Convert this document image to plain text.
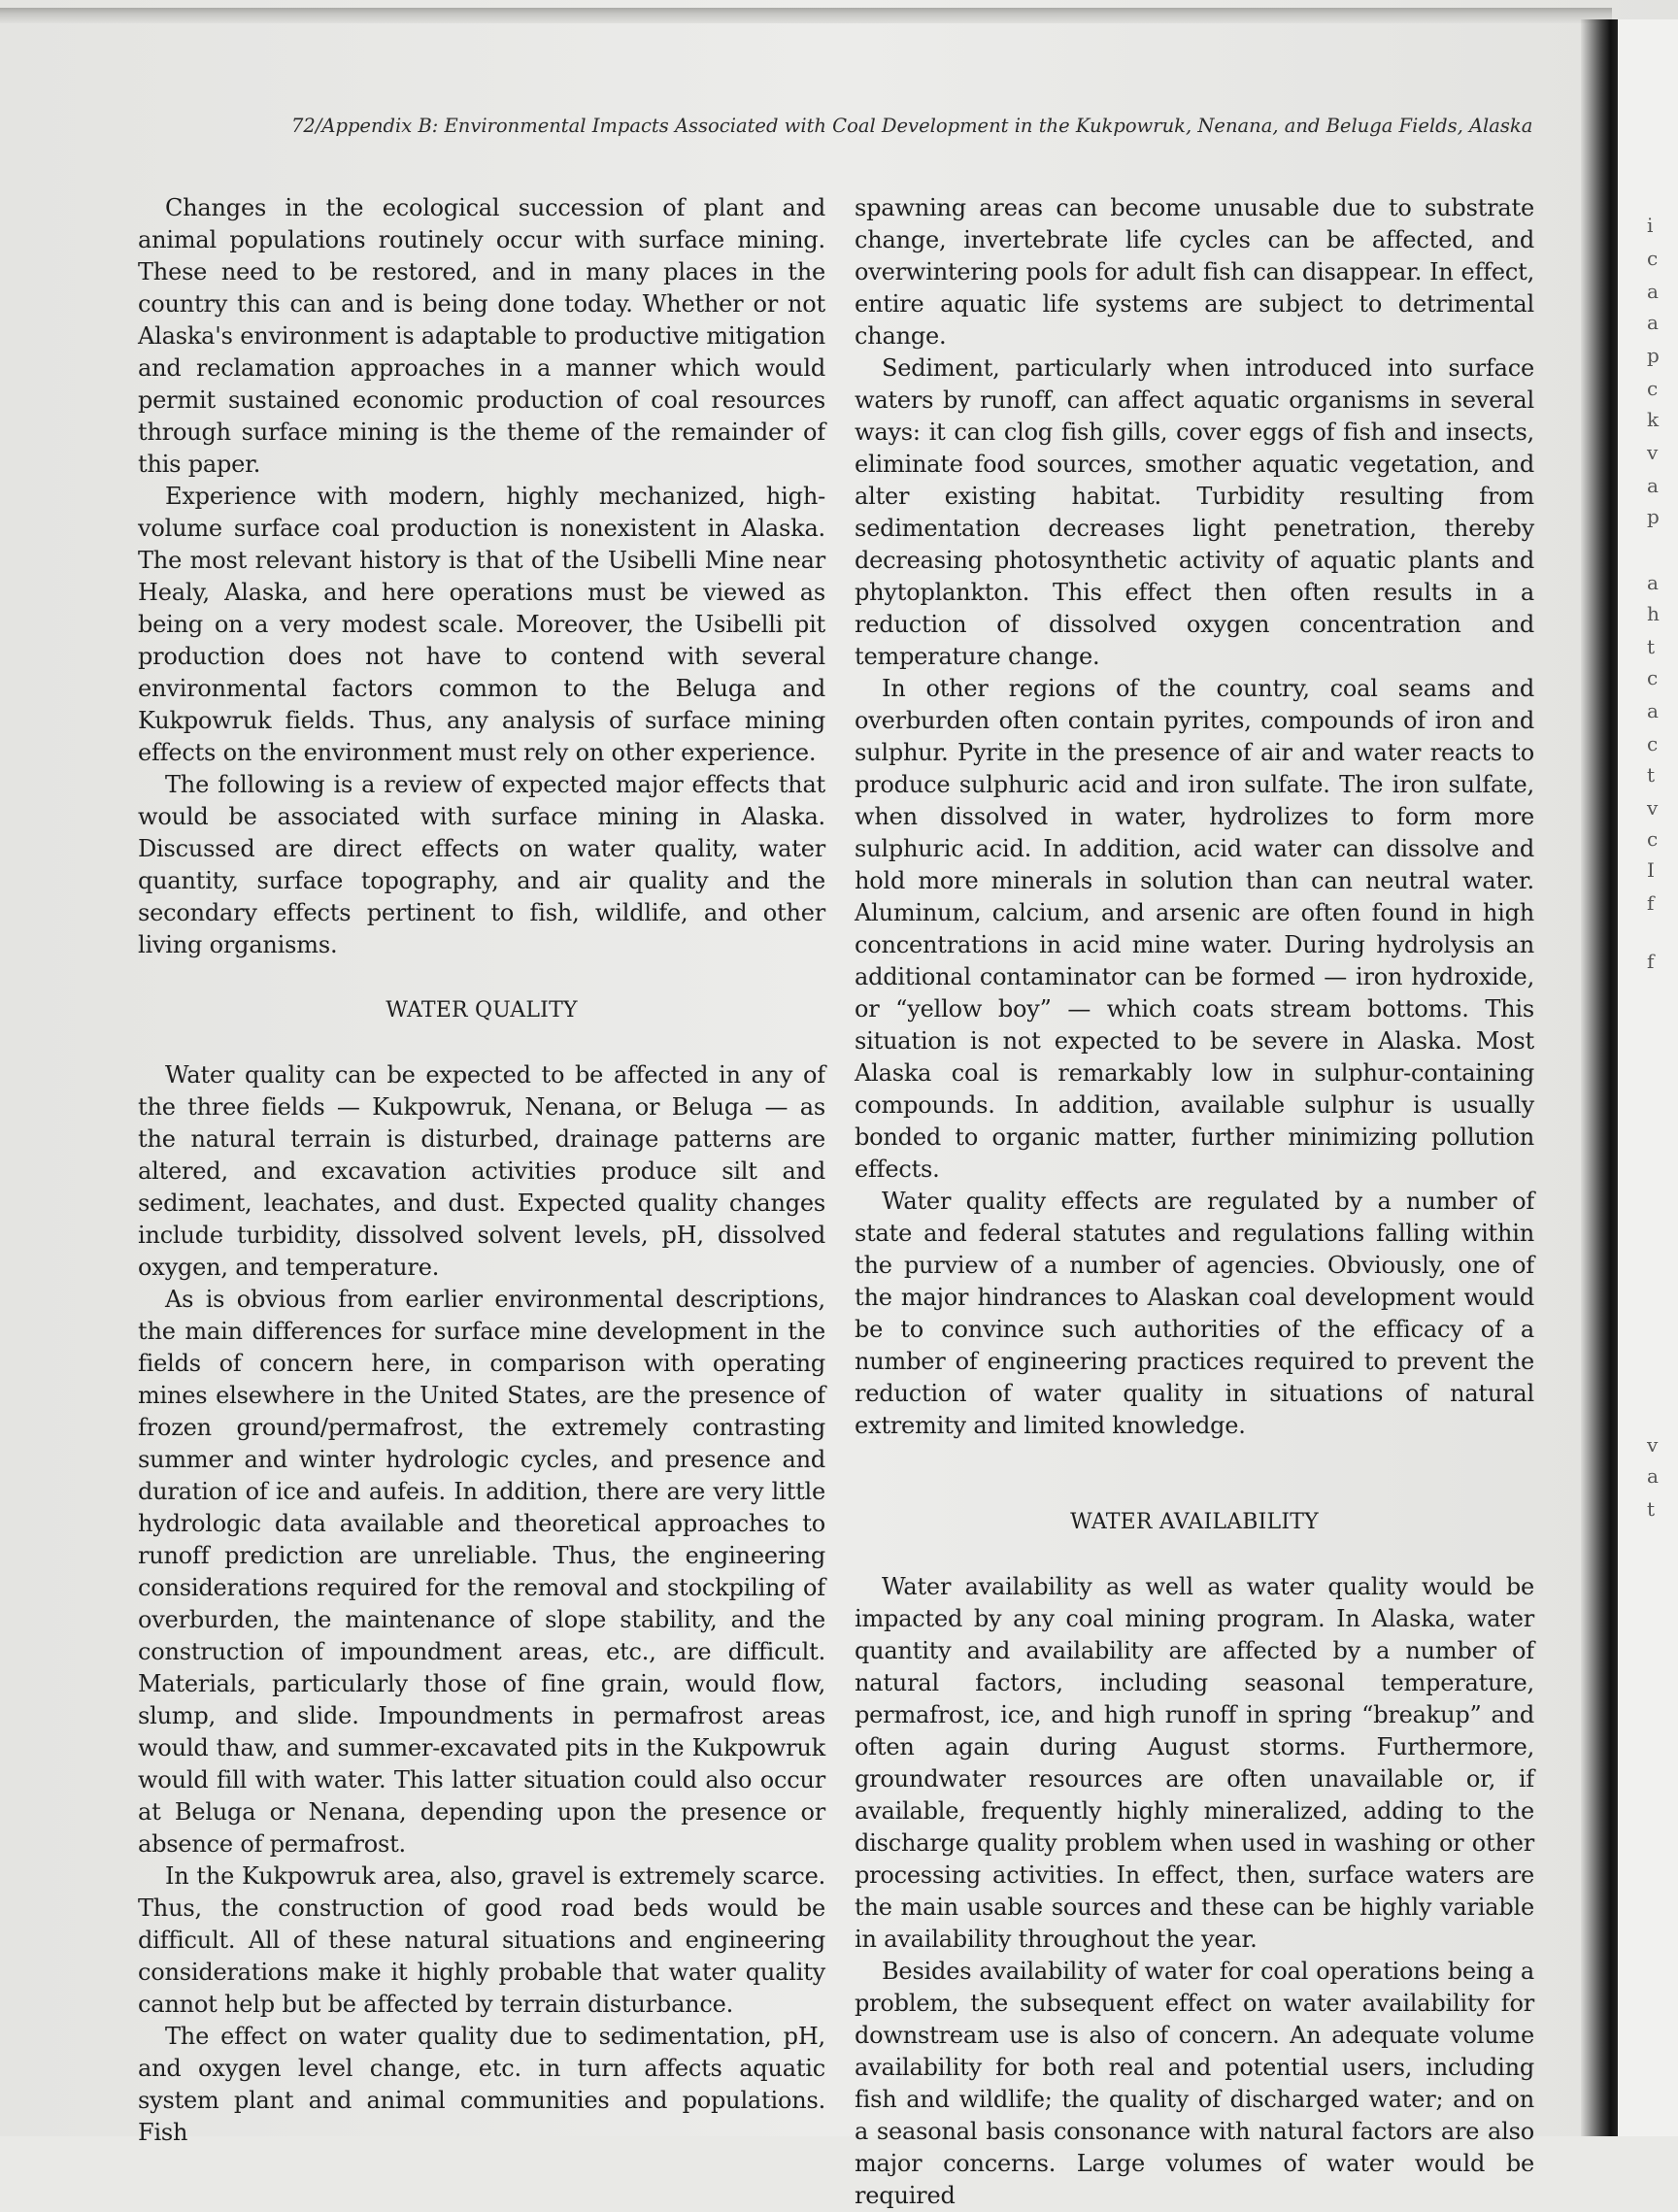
72/Appendix B: Environmental Impacts Associated with Coal Development in the Kukpowruk, Nenana, and Beluga Fields, Alaska

Changes in the ecological succession of plant and animal populations routinely occur with surface mining. These need to be restored, and in many places in the country this can and is being done today. Whether or not Alaska's environment is adaptable to productive mitigation and reclamation approaches in a manner which would permit sustained economic production of coal resources through surface mining is the theme of the remainder of this paper.

Experience with modern, highly mechanized, high-volume surface coal production is nonexistent in Alaska. The most relevant history is that of the Usibelli Mine near Healy, Alaska, and here operations must be viewed as being on a very modest scale. Moreover, the Usibelli pit production does not have to contend with several environmental factors common to the Beluga and Kukpowruk fields. Thus, any analysis of surface mining effects on the environment must rely on other experience.

The following is a review of expected major effects that would be associated with surface mining in Alaska. Discussed are direct effects on water quality, water quantity, surface topography, and air quality and the secondary effects pertinent to fish, wildlife, and other living organisms.

WATER QUALITY

Water quality can be expected to be affected in any of the three fields — Kukpowruk, Nenana, or Beluga — as the natural terrain is disturbed, drainage patterns are altered, and excavation activities produce silt and sediment, leachates, and dust. Expected quality changes include turbidity, dissolved solvent levels, pH, dissolved oxygen, and temperature.

As is obvious from earlier environmental descriptions, the main differences for surface mine development in the fields of concern here, in comparison with operating mines elsewhere in the United States, are the presence of frozen ground/permafrost, the extremely contrasting summer and winter hydrologic cycles, and presence and duration of ice and aufeis. In addition, there are very little hydrologic data available and theoretical approaches to runoff prediction are unreliable. Thus, the engineering considerations required for the removal and stockpiling of overburden, the maintenance of slope stability, and the construction of impoundment areas, etc., are difficult. Materials, particularly those of fine grain, would flow, slump, and slide. Impoundments in permafrost areas would thaw, and summer-excavated pits in the Kukpowruk would fill with water. This latter situation could also occur at Beluga or Nenana, depending upon the presence or absence of permafrost.

In the Kukpowruk area, also, gravel is extremely scarce. Thus, the construction of good road beds would be difficult. All of these natural situations and engineering considerations make it highly probable that water quality cannot help but be affected by terrain disturbance.

The effect on water quality due to sedimentation, pH, and oxygen level change, etc. in turn affects aquatic system plant and animal communities and populations. Fish

spawning areas can become unusable due to substrate change, invertebrate life cycles can be affected, and overwintering pools for adult fish can disappear. In effect, entire aquatic life systems are subject to detrimental change.

Sediment, particularly when introduced into surface waters by runoff, can affect aquatic organisms in several ways: it can clog fish gills, cover eggs of fish and insects, eliminate food sources, smother aquatic vegetation, and alter existing habitat. Turbidity resulting from sedimentation decreases light penetration, thereby decreasing photosynthetic activity of aquatic plants and phytoplankton. This effect then often results in a reduction of dissolved oxygen concentration and temperature change.

In other regions of the country, coal seams and overburden often contain pyrites, compounds of iron and sulphur. Pyrite in the presence of air and water reacts to produce sulphuric acid and iron sulfate. The iron sulfate, when dissolved in water, hydrolizes to form more sulphuric acid. In addition, acid water can dissolve and hold more minerals in solution than can neutral water. Aluminum, calcium, and arsenic are often found in high concentrations in acid mine water. During hydrolysis an additional contaminator can be formed — iron hydroxide, or “yellow boy” — which coats stream bottoms. This situation is not expected to be severe in Alaska. Most Alaska coal is remarkably low in sulphur-containing compounds. In addition, available sulphur is usually bonded to organic matter, further minimizing pollution effects.

Water quality effects are regulated by a number of state and federal statutes and regulations falling within the purview of a number of agencies. Obviously, one of the major hindrances to Alaskan coal development would be to convince such authorities of the efficacy of a number of engineering practices required to prevent the reduction of water quality in situations of natural extremity and limited knowledge.

WATER AVAILABILITY

Water availability as well as water quality would be impacted by any coal mining program. In Alaska, water quantity and availability are affected by a number of natural factors, including seasonal temperature, permafrost, ice, and high runoff in spring “breakup” and often again during August storms. Furthermore, groundwater resources are often unavailable or, if available, frequently highly mineralized, adding to the discharge quality problem when used in washing or other processing activities. In effect, then, surface waters are the main usable sources and these can be highly variable in availability throughout the year.

Besides availability of water for coal operations being a problem, the subsequent effect on water availability for downstream use is also of concern. An adequate volume availability for both real and potential users, including fish and wildlife; the quality of discharged water; and on a seasonal basis consonance with natural factors are also major concerns. Large volumes of water would be required

i
c
a
a
p
c
k
v
a
p
a
h
t
c
a
c
t
v
c
I
f
f
v
a
t
